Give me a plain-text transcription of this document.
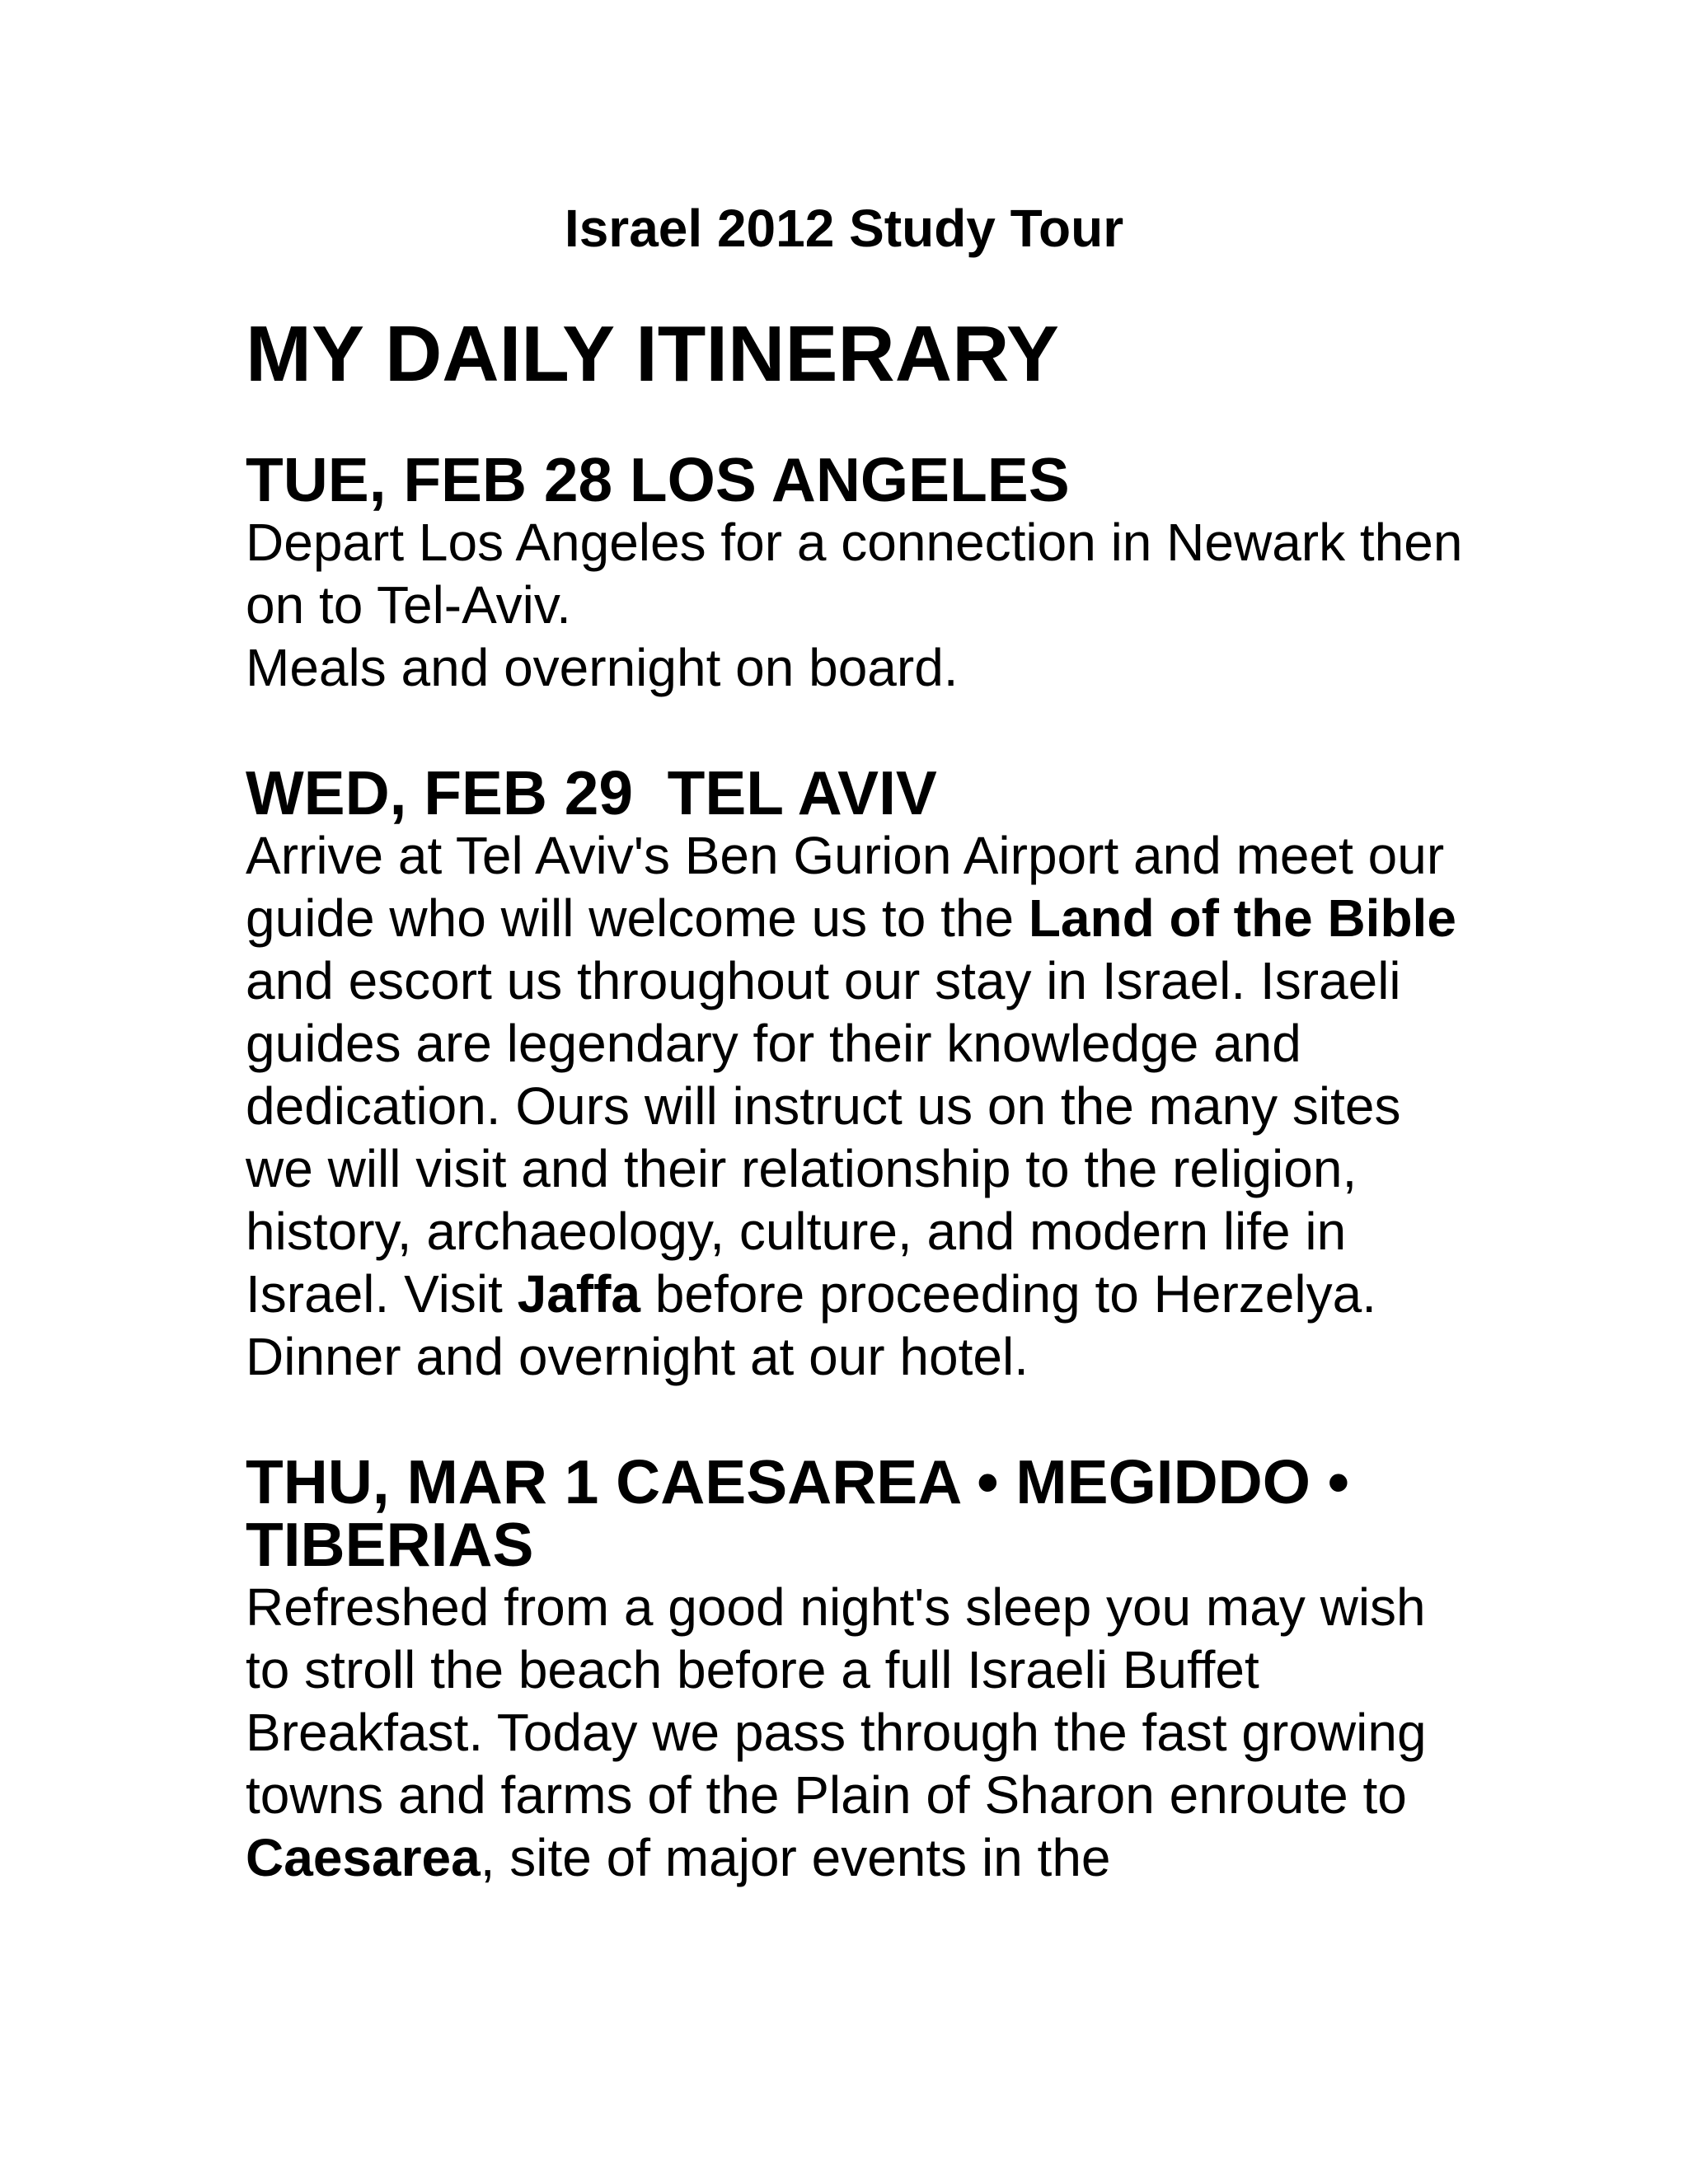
Israel 2012 Study Tour
MY DAILY ITINERARY
TUE, FEB 28 LOS ANGELES

Depart Los Angeles for a connection in Newark then on to Tel-Aviv.

Meals and overnight on board.

WED, FEB 29  TEL AVIV

Arrive at Tel Aviv's Ben Gurion Airport and meet our guide who will welcome us to the Land of the Bible and escort us throughout our stay in Israel. Israeli guides are legendary for their knowledge and dedication. Ours will instruct us on the many sites we will visit and their relationship to the religion, history, archaeology, culture, and modern life in Israel. Visit Jaffa before proceeding to Herzelya. Dinner and overnight at our hotel.

THU, MAR 1 CAESAREA • MEGIDDO • TIBERIAS

Refreshed from a good night's sleep you may wish to stroll the beach before a full Israeli Buffet Breakfast. Today we pass through the fast growing towns and farms of the Plain of Sharon enroute to Caesarea, site of major events in the
